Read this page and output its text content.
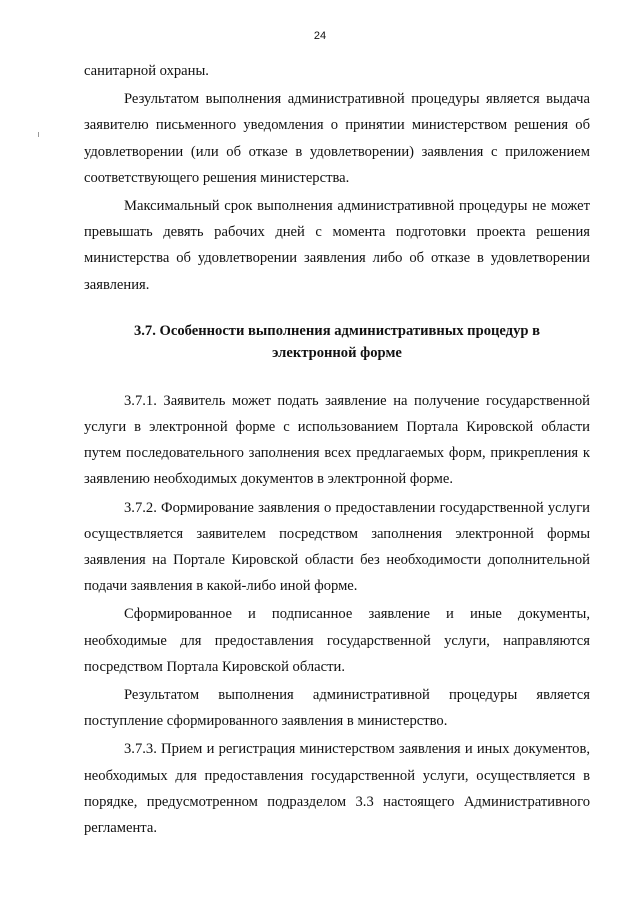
24

санитарной охраны.

Результатом выполнения административной процедуры является выдача заявителю письменного уведомления о принятии министерством решения об удовлетворении (или об отказе в удовлетворении) заявления с приложением соответствующего решения министерства.

Максимальный срок выполнения административной процедуры не может превышать девять рабочих дней с момента подготовки проекта решения министерства об удовлетворении заявления либо об отказе в удовлетворении заявления.

3.7. Особенности выполнения административных процедур в
электронной форме

3.7.1. Заявитель может подать заявление на получение государственной услуги в электронной форме с использованием Портала Кировской области путем последовательного заполнения всех предлагаемых форм, прикрепления к заявлению необходимых документов в электронной форме.

3.7.2. Формирование заявления о предоставлении государственной услуги осуществляется заявителем посредством заполнения электронной формы заявления на Портале Кировской области без необходимости дополнительной подачи заявления в какой-либо иной форме.

Сформированное и подписанное заявление и иные документы, необходимые для предоставления государственной услуги, направляются посредством Портала Кировской области.

Результатом выполнения административной процедуры является поступление сформированного заявления в министерство.

3.7.3. Прием и регистрация министерством заявления и иных документов, необходимых для предоставления государственной услуги, осуществляется в порядке, предусмотренном подразделом 3.3 настоящего Административного регламента.
